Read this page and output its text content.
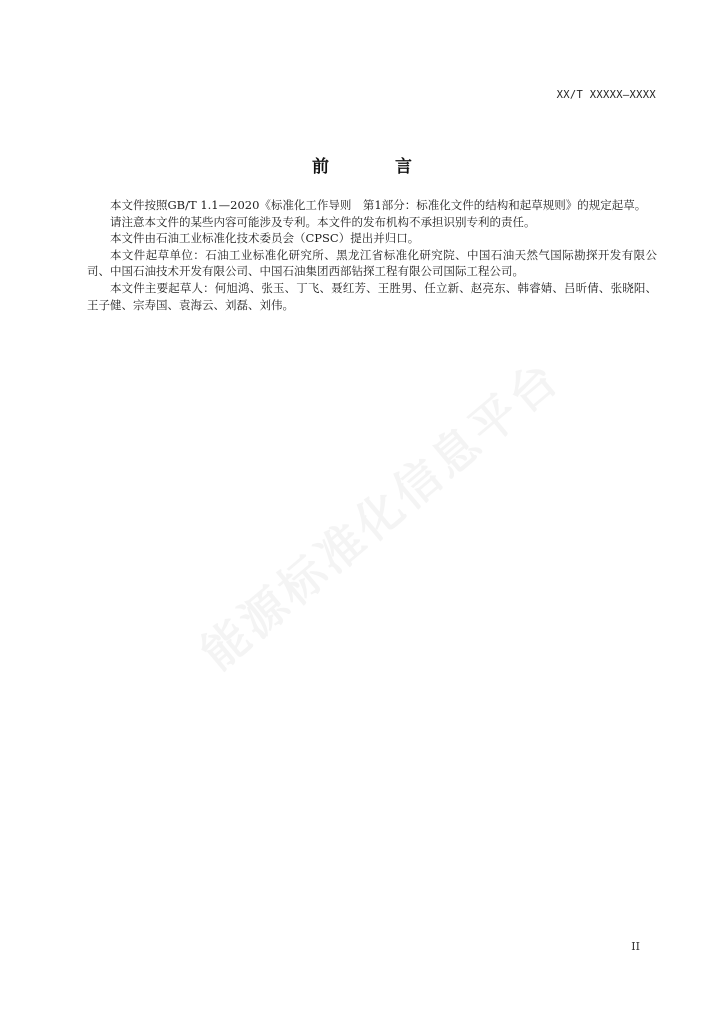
XX/T XXXXX—XXXX
前 言

本文件按照GB/T 1.1—2020《标准化工作导则　第1部分：标准化文件的结构和起草规则》的规定起草。

请注意本文件的某些内容可能涉及专利。本文件的发布机构不承担识别专利的责任。

本文件由石油工业标准化技术委员会（CPSC）提出并归口。

本文件起草单位：石油工业标准化研究所、黑龙江省标准化研究院、中国石油天然气国际勘探开发有限公司、中国石油技术开发有限公司、中国石油集团西部钻探工程有限公司国际工程公司。

本文件主要起草人：何旭鸿、张玉、丁飞、聂红芳、王胜男、任立新、赵亮东、韩睿婧、吕昕倩、张晓阳、王子健、宗寿国、袁海云、刘磊、刘伟。

能源标准化信息平台
II
